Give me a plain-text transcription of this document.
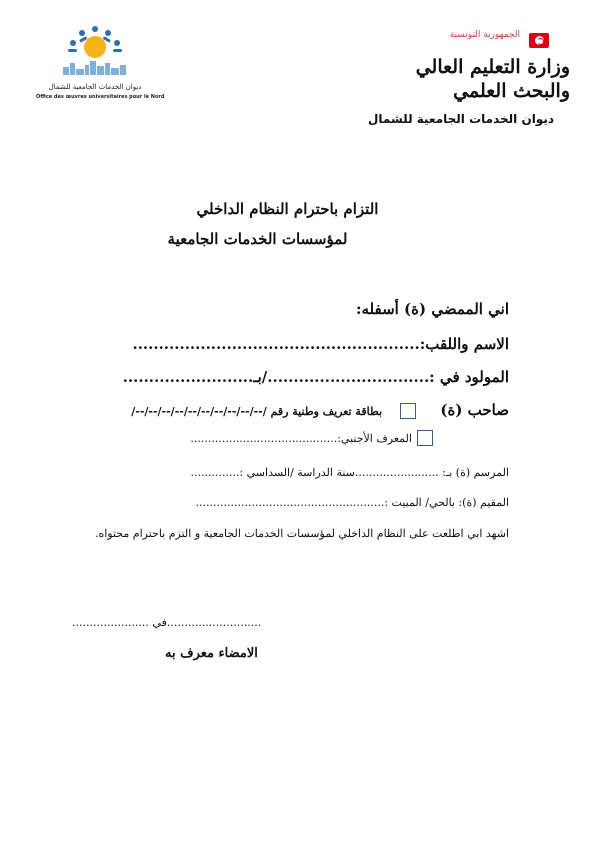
الجمهورية التونسية
وزارة التعليم العالي
والبحث العلمي
ديوان الخدمات الجامعية للشمال
ديوان الخدمات الجامعية للشمال
Office des œuvres universitaires pour le Nord
التزام باحترام النظام الداخلي
لمؤسسات الخدمات الجامعية
اني الممضي (ة) أسفله:
الاسم واللقب:.......................................................
المولود في :.............................../بـ.........................
صاحب (ة)    بطاقة تعريف وطنية رقم /--/--/--/--/--/--/--/--/--/--/
المعرف الأجنبي:..........................................
المرسم (ة) بـ: ........................سنة الدراسة /السداسي :..............
المقيم (ة): بالحي/ المبيت :......................................................
اشهد ابي اطلعت على النظام الداخلي لمؤسسات الخدمات الجامعية و التزم باحترام محتواه.
...........................في ......................
الامضاء معرف به
